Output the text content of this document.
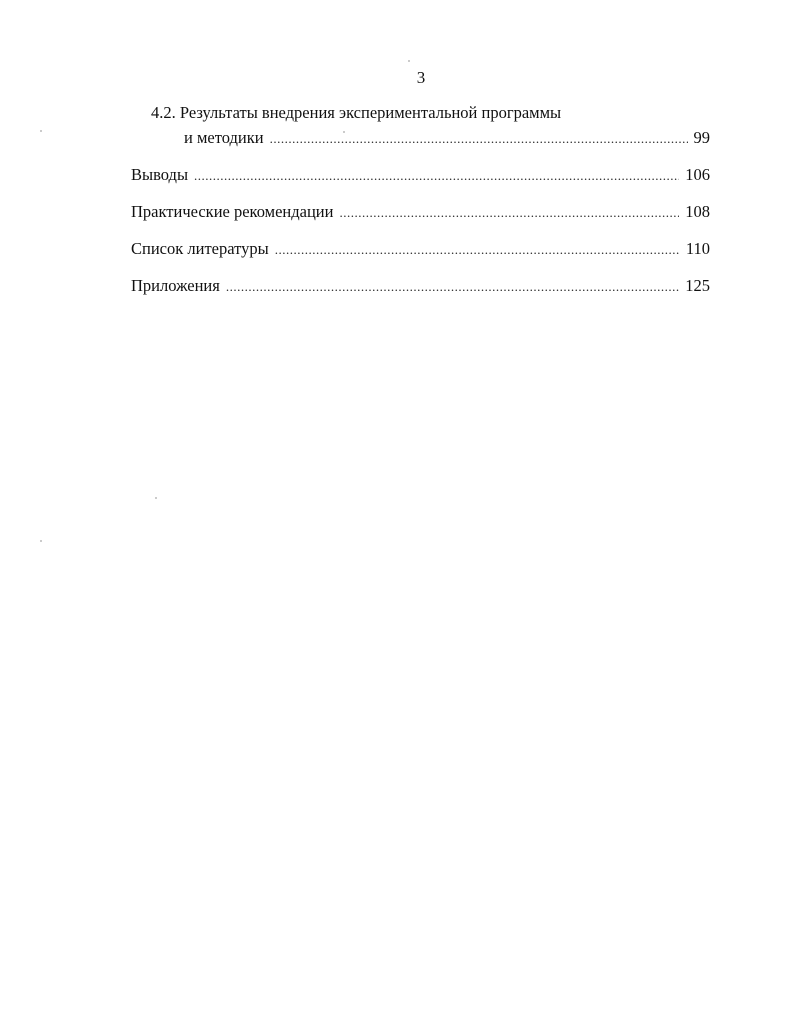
3
4.2. Результаты внедрения экспериментальной программы
и методики .....	99
Выводы .....	106
Практические рекомендации .....	108
Список литературы .....	110
Приложения .....	125
